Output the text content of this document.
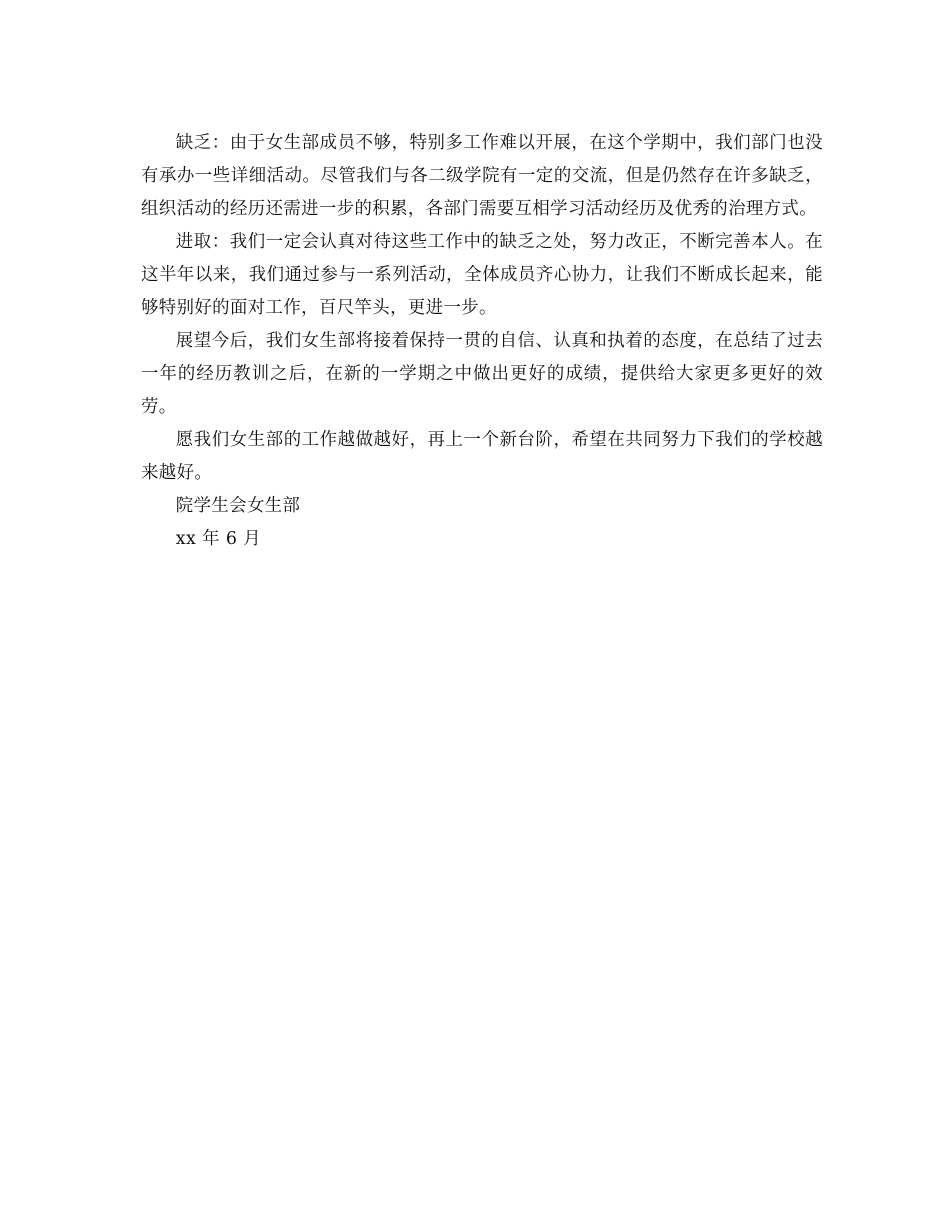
缺乏：由于女生部成员不够，特别多工作难以开展，在这个学期中，我们部门也没有承办一些详细活动。尽管我们与各二级学院有一定的交流，但是仍然存在许多缺乏，组织活动的经历还需进一步的积累，各部门需要互相学习活动经历及优秀的治理方式。

进取：我们一定会认真对待这些工作中的缺乏之处，努力改正，不断完善本人。在这半年以来，我们通过参与一系列活动，全体成员齐心协力，让我们不断成长起来，能够特别好的面对工作，百尺竿头，更进一步。

展望今后，我们女生部将接着保持一贯的自信、认真和执着的态度，在总结了过去一年的经历教训之后，在新的一学期之中做出更好的成绩，提供给大家更多更好的效劳。

愿我们女生部的工作越做越好，再上一个新台阶，希望在共同努力下我们的学校越来越好。

院学生会女生部

xx 年 6 月
